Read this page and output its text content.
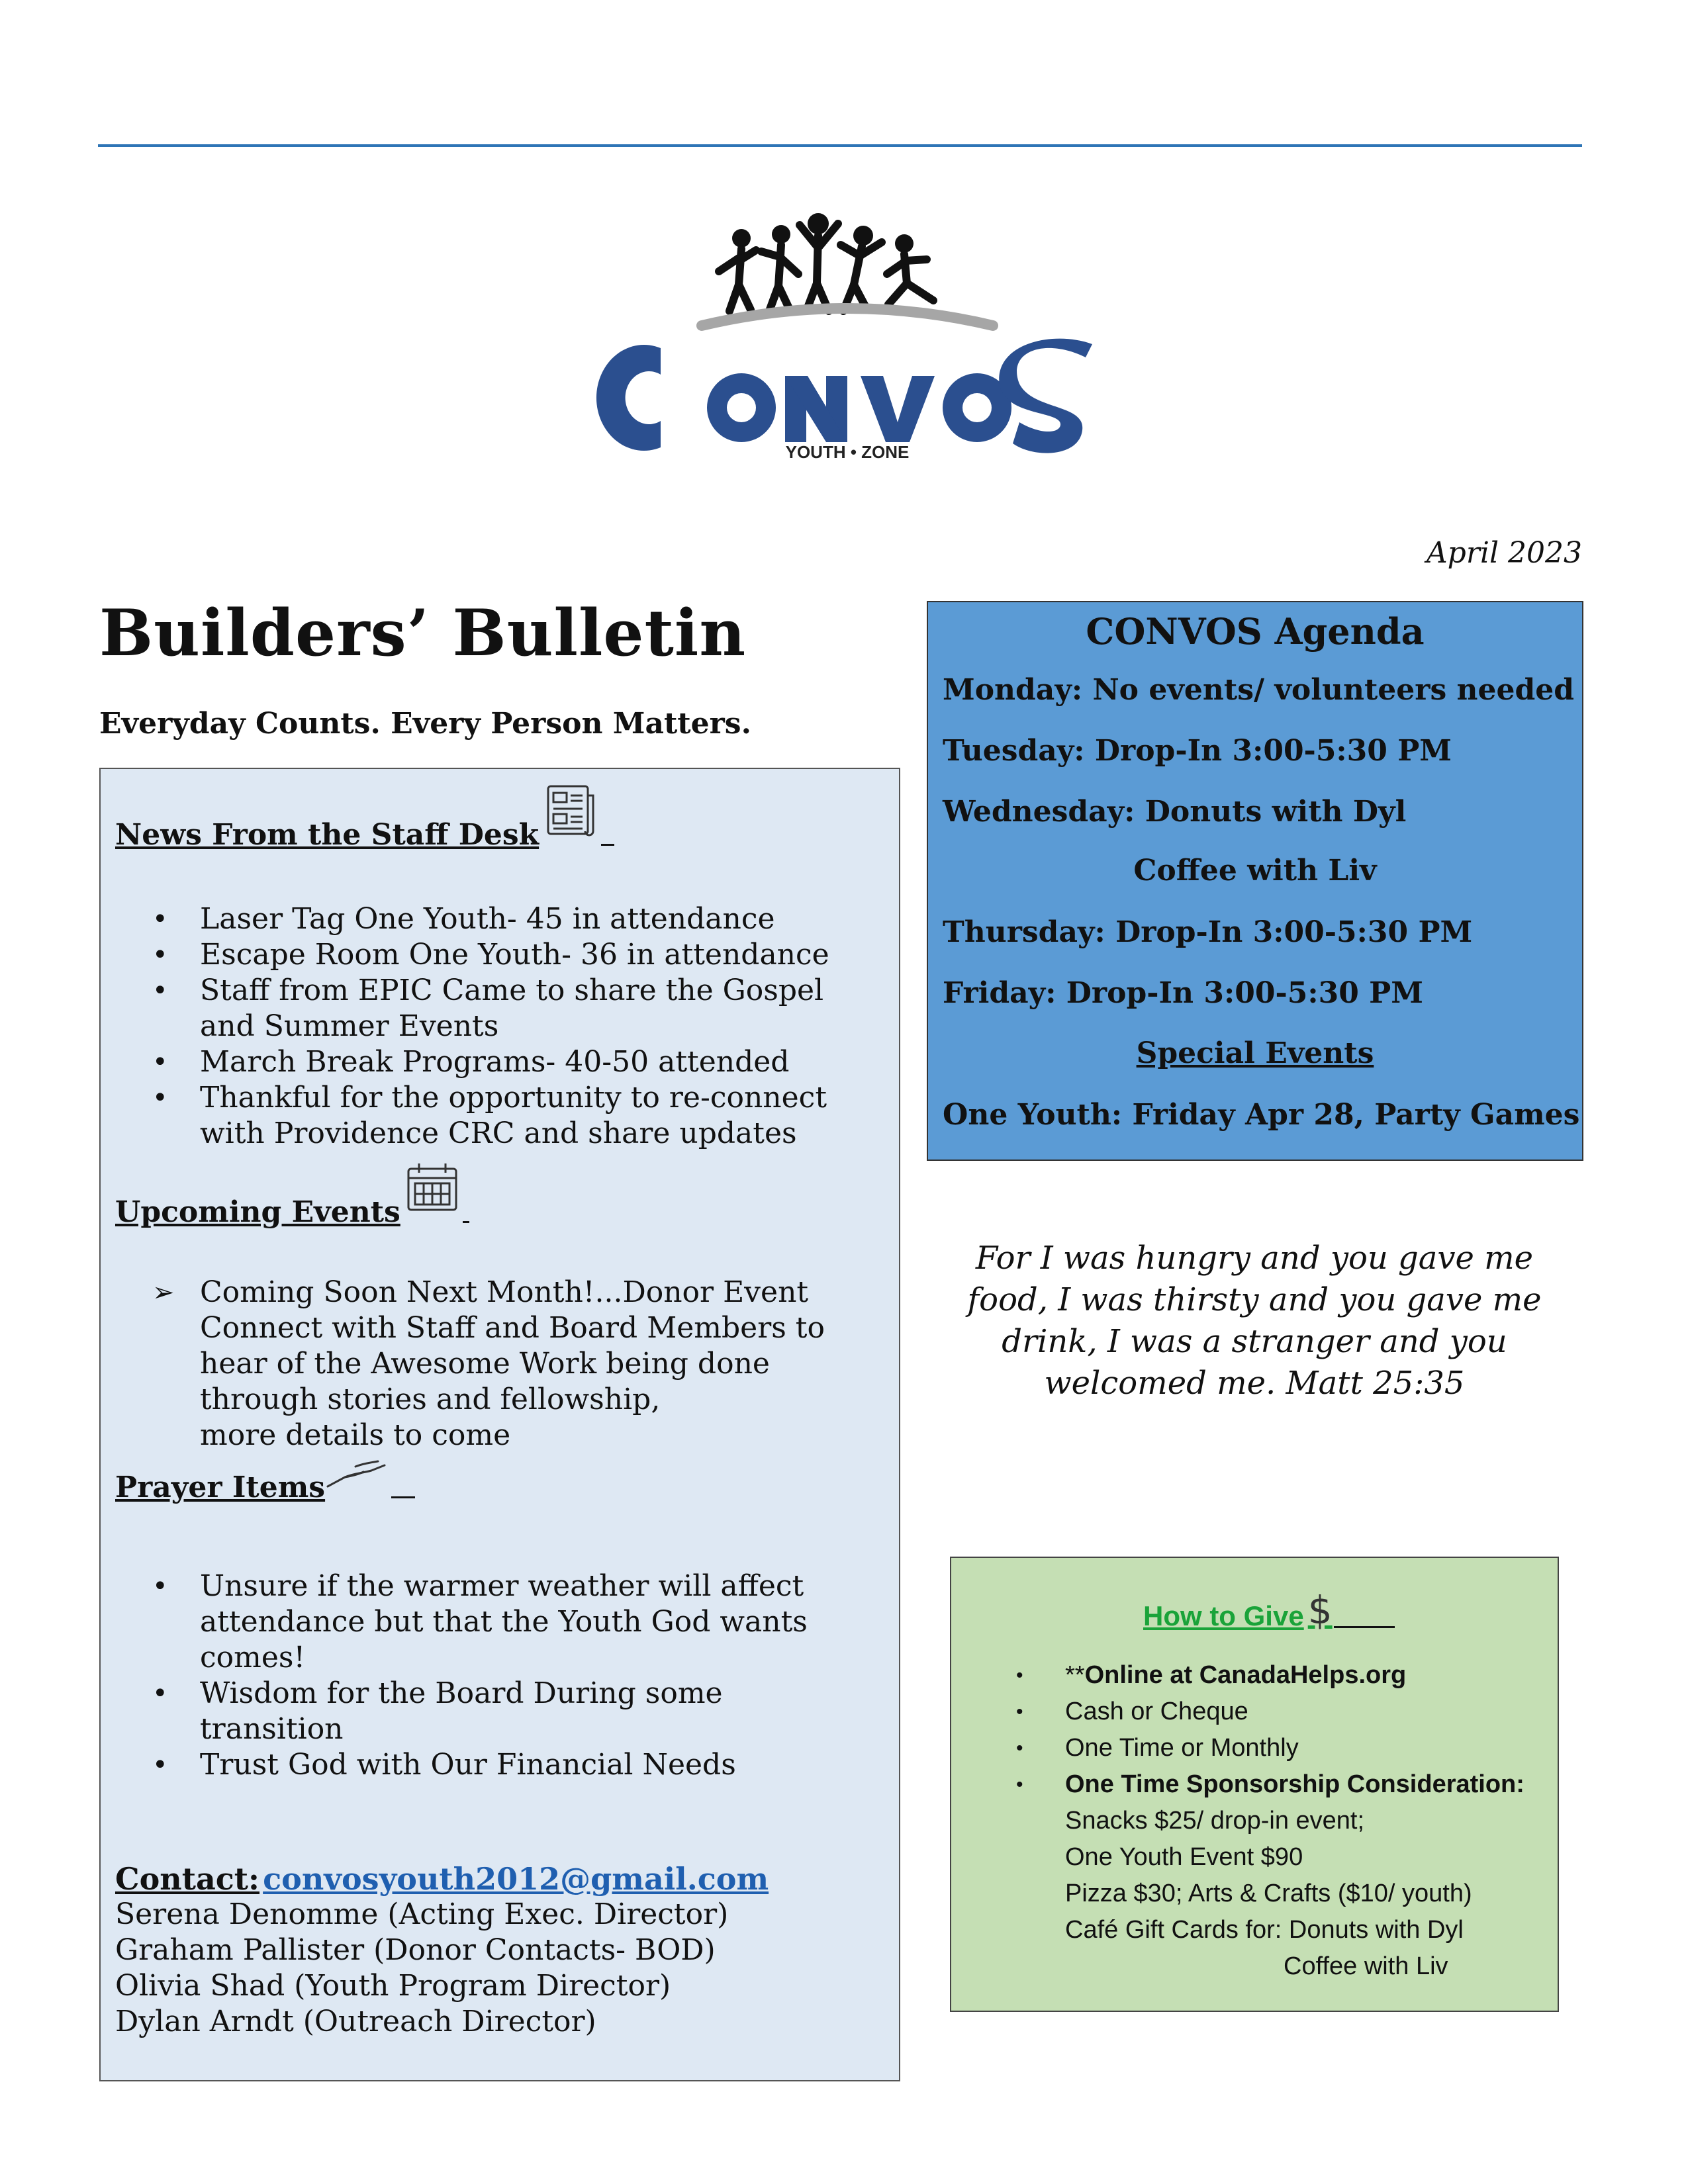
YOUTH • ZONE
April 2023
Builders’ Bulletin
Everyday Counts. Every Person Matters.
News From the Staff Desk
• Laser Tag One Youth- 45 in attendance
• Escape Room One Youth- 36 in attendance
• Staff from EPIC Came to share the Gospel
and Summer Events
• March Break Programs- 40-50 attended
• Thankful for the opportunity to re-connect
with Providence CRC and share updates
Upcoming Events
➢ Coming Soon Next Month!...Donor Event
Connect with Staff and Board Members to
hear of the Awesome Work being done
through stories and fellowship,
more details to come
Prayer Items
• Unsure if the warmer weather will affect
attendance but that the Youth God wants
comes!
• Wisdom for the Board During some
transition
• Trust God with Our Financial Needs
Contact: convosyouth2012@gmail.com
Serena Denomme (Acting Exec. Director)
Graham Pallister (Donor Contacts- BOD)
Olivia Shad (Youth Program Director)
Dylan Arndt (Outreach Director)
CONVOS Agenda
Monday: No events/ volunteers needed
Tuesday: Drop-In 3:00-5:30 PM
Wednesday: Donuts with Dyl
Coffee with Liv
Thursday: Drop-In 3:00-5:30 PM
Friday: Drop-In 3:00-5:30 PM
Special Events
One Youth: Friday Apr 28, Party Games
For I was hungry and you gave me
food, I was thirsty and you gave me
drink, I was a stranger and you
welcomed me. Matt 25:35
How to Give $
• **Online at CanadaHelps.org
• Cash or Cheque
• One Time or Monthly
• One Time Sponsorship Consideration:
Snacks $25/ drop-in event;
One Youth Event $90
Pizza $30; Arts & Crafts ($10/ youth)
Café Gift Cards for: Donuts with Dyl
Coffee with Liv
